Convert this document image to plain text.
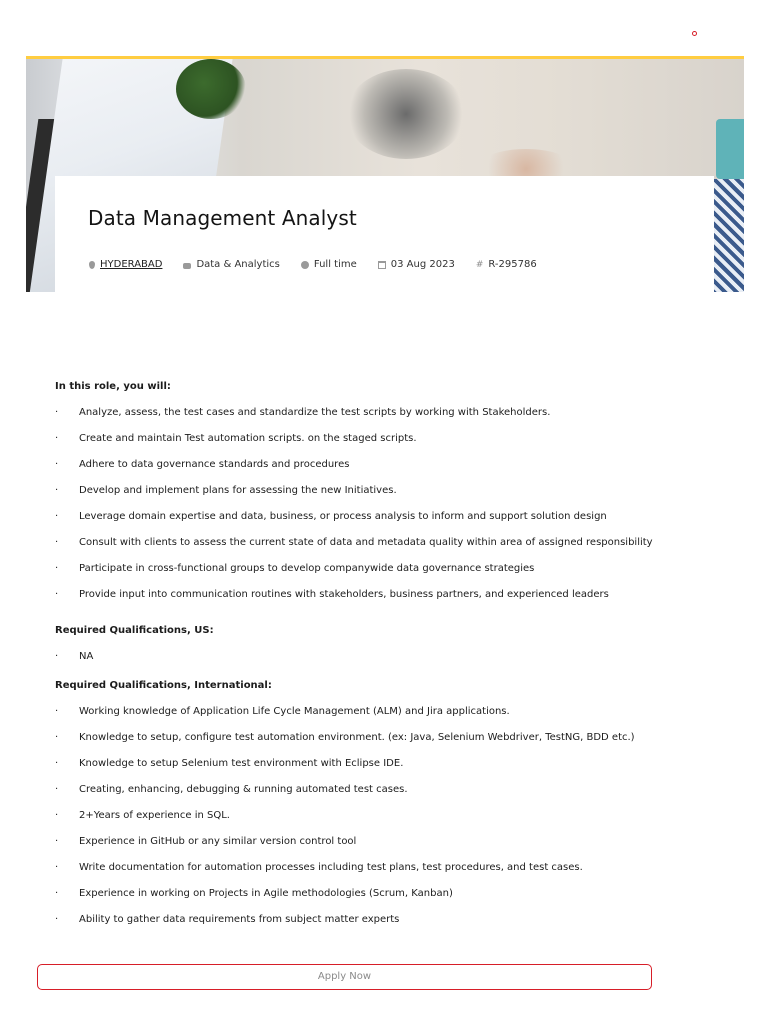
Data Management Analyst
HYDERABAD	Data & Analytics	Full time	03 Aug 2023 # R-295786
In this role, you will:
· Analyze, assess, the test cases and standardize the test scripts by working with Stakeholders.
· Create and maintain Test automation scripts. on the staged scripts.
· Adhere to data governance standards and procedures
· Develop and implement plans for assessing the new Initiatives.
· Leverage domain expertise and data, business, or process analysis to inform and support solution design
· Consult with clients to assess the current state of data and metadata quality within area of assigned responsibility
· Participate in cross-functional groups to develop companywide data governance strategies
· Provide input into communication routines with stakeholders, business partners, and experienced leaders
Required Qualifications, US:
· NA
Required Qualifications, International:
· Working knowledge of Application Life Cycle Management (ALM) and Jira applications.
· Knowledge to setup, configure test automation environment. (ex: Java, Selenium Webdriver, TestNG, BDD etc.)
· Knowledge to setup Selenium test environment with Eclipse IDE.
· Creating, enhancing, debugging & running automated test cases.
· 2+Years of experience in SQL.
· Experience in GitHub or any similar version control tool
· Write documentation for automation processes including test plans, test procedures, and test cases.
· Experience in working on Projects in Agile methodologies (Scrum, Kanban)
· Ability to gather data requirements from subject matter experts
Apply Now
